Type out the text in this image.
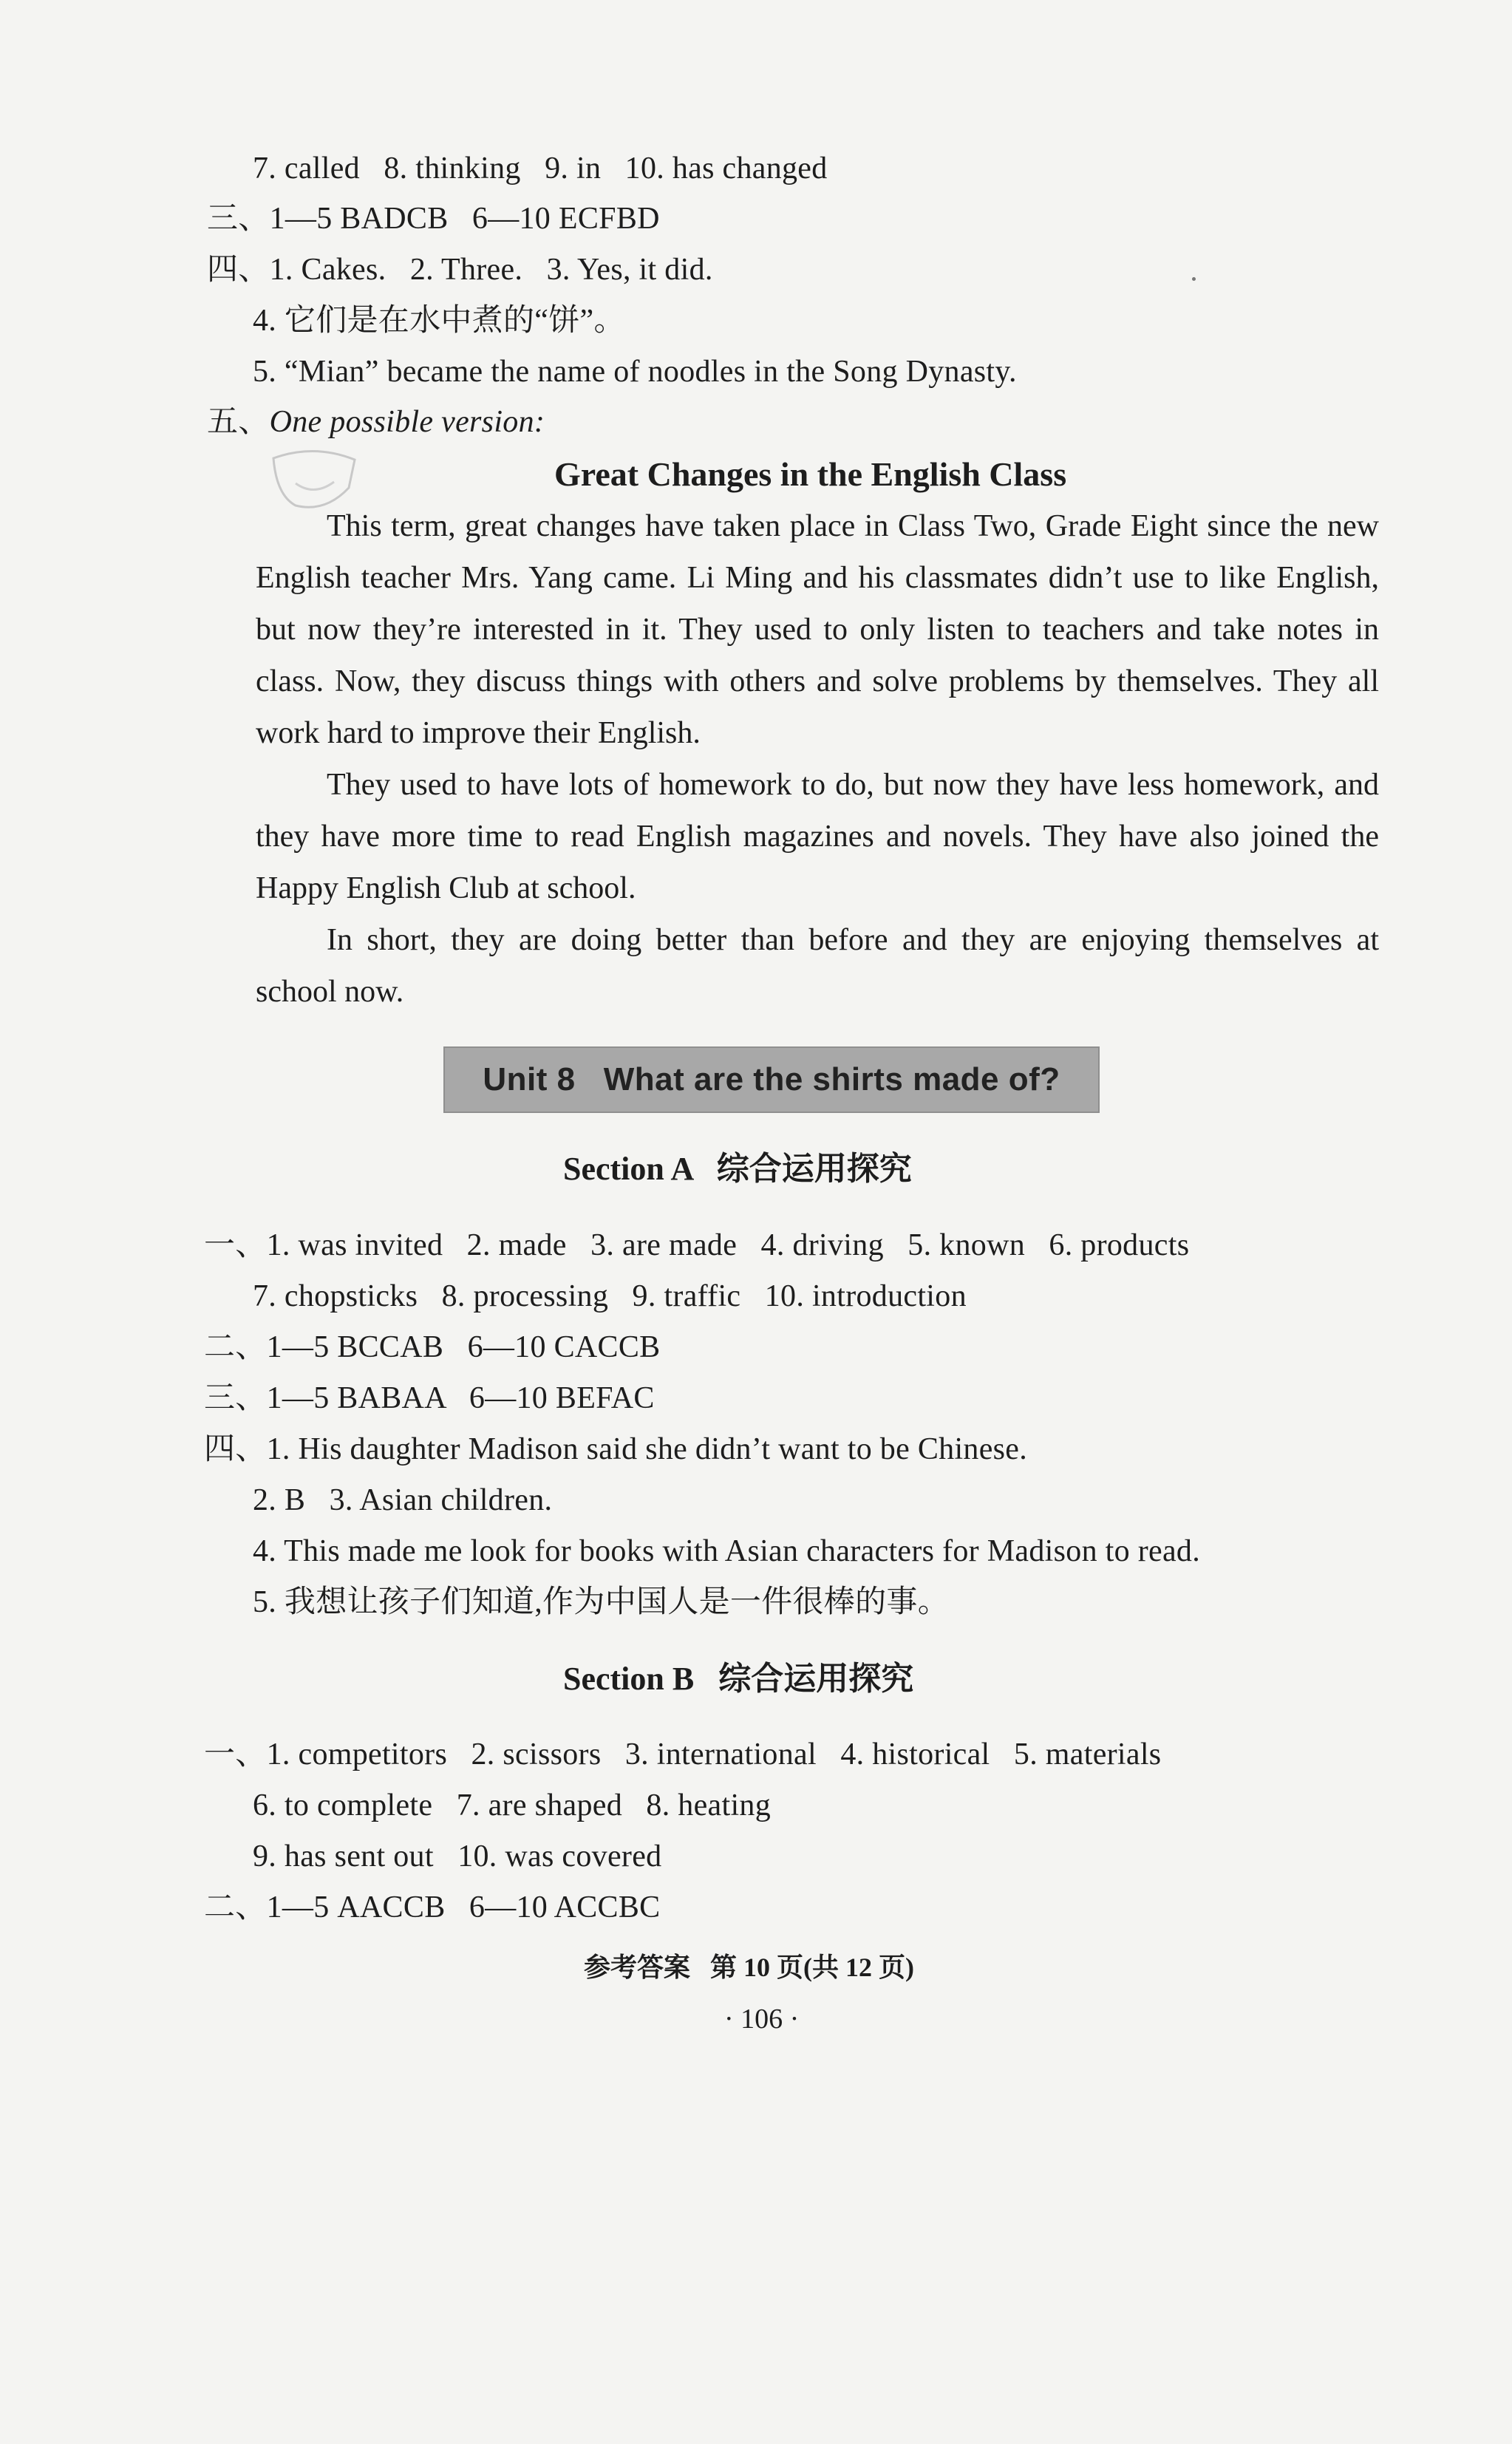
7. called   8. thinking   9. in   10. has changed
三、1—5 BADCB   6—10 ECFBD
四、1. Cakes.   2. Three.   3. Yes, it did.
4. 它们是在水中煮的“饼”。
5. “Mian” became the name of noodles in the Song Dynasty.
五、One possible version:
Great Changes in the English Class

This term, great changes have taken place in Class Two, Grade Eight since the new English teacher Mrs. Yang came. Li Ming and his classmates didn’t use to like English, but now they’re interested in it. They used to only listen to teachers and take notes in class. Now, they discuss things with others and solve problems by themselves. They all work hard to improve their English.

They used to have lots of homework to do, but now they have less homework, and they have more time to read English magazines and novels. They have also joined the Happy English Club at school.

In short, they are doing better than before and they are enjoying themselves at school now.

Unit 8   What are the shirts made of?
Section A   综合运用探究
一、1. was invited   2. made   3. are made   4. driving   5. known   6. products
7. chopsticks   8. processing   9. traffic   10. introduction
二、1—5 BCCAB   6—10 CACCB
三、1—5 BABAA   6—10 BEFAC
四、1. His daughter Madison said she didn’t want to be Chinese.
2. B   3. Asian children.
4. This made me look for books with Asian characters for Madison to read.
5. 我想让孩子们知道,作为中国人是一件很棒的事。
Section B   综合运用探究
一、1. competitors   2. scissors   3. international   4. historical   5. materials
6. to complete   7. are shaped   8. heating
9. has sent out   10. was covered
二、1—5 AACCB   6—10 ACCBC
参考答案   第 10 页(共 12 页)
· 106 ·
